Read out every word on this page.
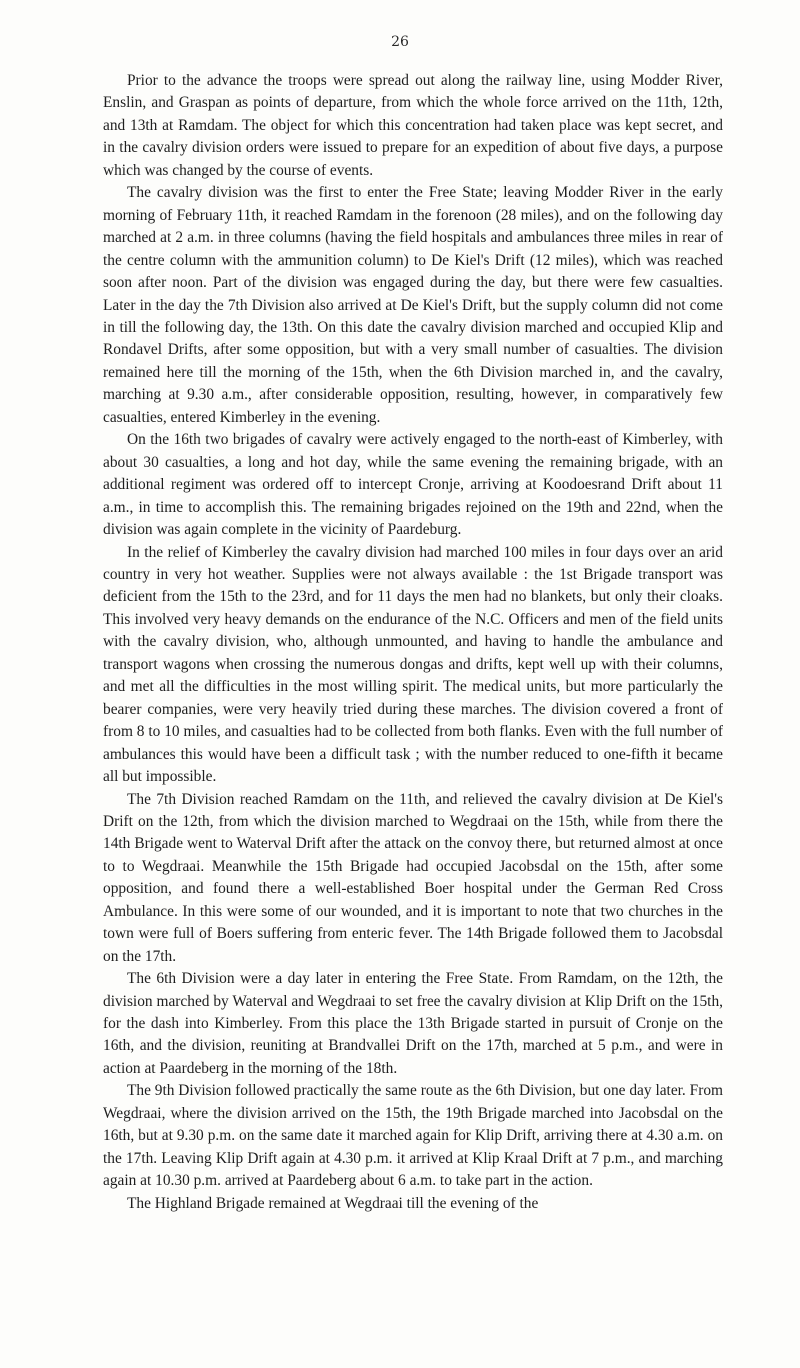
26

Prior to the advance the troops were spread out along the railway line, using Modder River, Enslin, and Graspan as points of departure, from which the whole force arrived on the 11th, 12th, and 13th at Ramdam. The object for which this concentration had taken place was kept secret, and in the cavalry division orders were issued to prepare for an expedition of about five days, a purpose which was changed by the course of events.

The cavalry division was the first to enter the Free State; leaving Modder River in the early morning of February 11th, it reached Ramdam in the forenoon (28 miles), and on the following day marched at 2 a.m. in three columns (having the field hospitals and ambulances three miles in rear of the centre column with the ammunition column) to De Kiel's Drift (12 miles), which was reached soon after noon. Part of the division was engaged during the day, but there were few casualties. Later in the day the 7th Division also arrived at De Kiel's Drift, but the supply column did not come in till the following day, the 13th. On this date the cavalry division marched and occupied Klip and Rondavel Drifts, after some opposition, but with a very small number of casualties. The division remained here till the morning of the 15th, when the 6th Division marched in, and the cavalry, marching at 9.30 a.m., after considerable opposition, resulting, however, in comparatively few casualties, entered Kimberley in the evening.

On the 16th two brigades of cavalry were actively engaged to the north-east of Kimberley, with about 30 casualties, a long and hot day, while the same evening the remaining brigade, with an additional regiment was ordered off to intercept Cronje, arriving at Koodoesrand Drift about 11 a.m., in time to accomplish this. The remaining brigades rejoined on the 19th and 22nd, when the division was again complete in the vicinity of Paardeburg.

In the relief of Kimberley the cavalry division had marched 100 miles in four days over an arid country in very hot weather. Supplies were not always available : the 1st Brigade transport was deficient from the 15th to the 23rd, and for 11 days the men had no blankets, but only their cloaks. This involved very heavy demands on the endurance of the N.C. Officers and men of the field units with the cavalry division, who, although unmounted, and having to handle the ambulance and transport wagons when crossing the numerous dongas and drifts, kept well up with their columns, and met all the difficulties in the most willing spirit. The medical units, but more particularly the bearer companies, were very heavily tried during these marches. The division covered a front of from 8 to 10 miles, and casualties had to be collected from both flanks. Even with the full number of ambulances this would have been a difficult task ; with the number reduced to one-fifth it became all but impossible.

The 7th Division reached Ramdam on the 11th, and relieved the cavalry division at De Kiel's Drift on the 12th, from which the division marched to Wegdraai on the 15th, while from there the 14th Brigade went to Waterval Drift after the attack on the convoy there, but returned almost at once to to Wegdraai. Meanwhile the 15th Brigade had occupied Jacobsdal on the 15th, after some opposition, and found there a well-established Boer hospital under the German Red Cross Ambulance. In this were some of our wounded, and it is important to note that two churches in the town were full of Boers suffering from enteric fever. The 14th Brigade followed them to Jacobsdal on the 17th.

The 6th Division were a day later in entering the Free State. From Ramdam, on the 12th, the division marched by Waterval and Wegdraai to set free the cavalry division at Klip Drift on the 15th, for the dash into Kimberley. From this place the 13th Brigade started in pursuit of Cronje on the 16th, and the division, reuniting at Brandvallei Drift on the 17th, marched at 5 p.m., and were in action at Paardeberg in the morning of the 18th.

The 9th Division followed practically the same route as the 6th Division, but one day later. From Wegdraai, where the division arrived on the 15th, the 19th Brigade marched into Jacobsdal on the 16th, but at 9.30 p.m. on the same date it marched again for Klip Drift, arriving there at 4.30 a.m. on the 17th. Leaving Klip Drift again at 4.30 p.m. it arrived at Klip Kraal Drift at 7 p.m., and marching again at 10.30 p.m. arrived at Paardeberg about 6 a.m. to take part in the action.

The Highland Brigade remained at Wegdraai till the evening of the
